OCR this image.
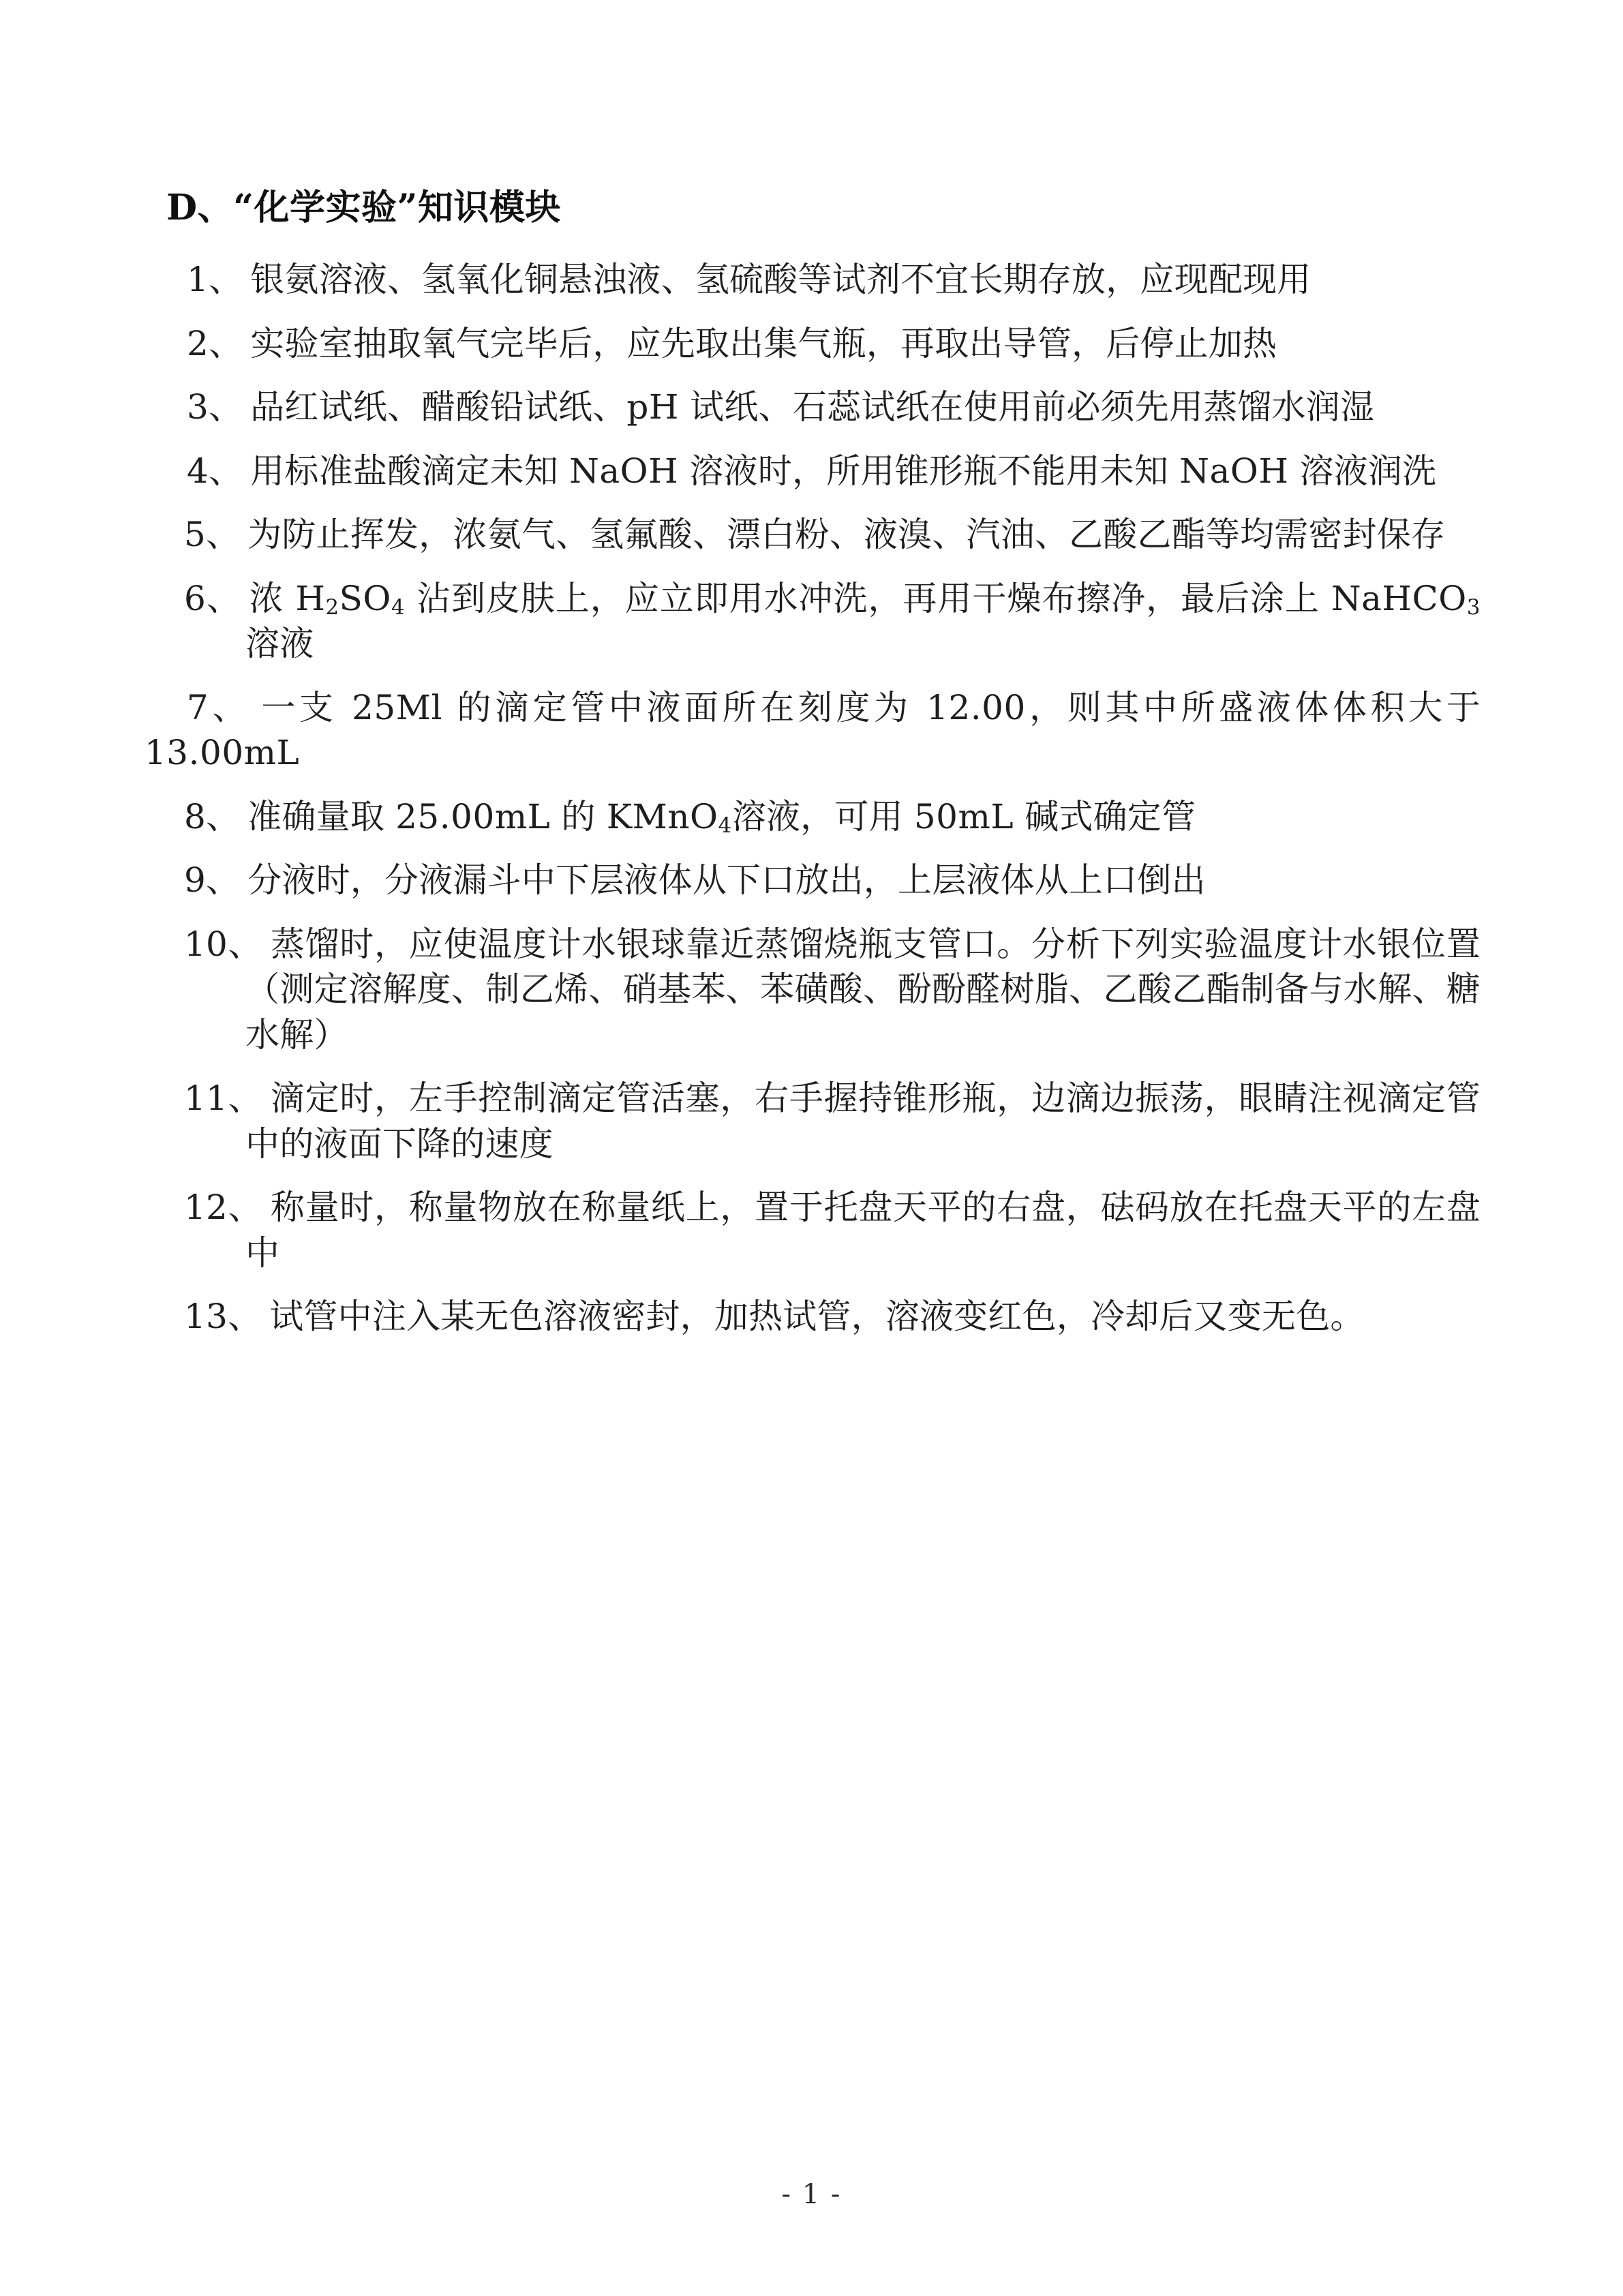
D、“化学实验”知识模块

1、 银氨溶液、氢氧化铜悬浊液、氢硫酸等试剂不宜长期存放，应现配现用

2、 实验室抽取氧气完毕后，应先取出集气瓶，再取出导管，后停止加热

3、 品红试纸、醋酸铅试纸、pH 试纸、石蕊试纸在使用前必须先用蒸馏水润湿

4、 用标准盐酸滴定未知 NaOH 溶液时，所用锥形瓶不能用未知 NaOH 溶液润洗

5、 为防止挥发，浓氨气、氢氟酸、漂白粉、液溴、汽油、乙酸乙酯等均需密封保存

6、 浓 $H_2SO_4$ 沾到皮肤上，应立即用水冲洗，再用干燥布擦净，最后涂上 NaHCO$_3$ 溶液

7、 一支 25Ml 的滴定管中液面所在刻度为 12.00，则其中所盛液体体积大于13.00mL

8、 准确量取 25.00mL 的 KMnO$_4$溶液，可用 50mL 碱式确定管

9、 分液时，分液漏斗中下层液体从下口放出，上层液体从上口倒出

10、 蒸馏时，应使温度计水银球靠近蒸馏烧瓶支管口。分析下列实验温度计水银位置（测定溶解度、制乙烯、硝基苯、苯磺酸、酚酚醛树脂、乙酸乙酯制备与水解、糖水解）

11、 滴定时，左手控制滴定管活塞，右手握持锥形瓶，边滴边振荡，眼睛注视滴定管中的液面下降的速度

12、 称量时，称量物放在称量纸上，置于托盘天平的右盘，砝码放在托盘天平的左盘中

13、 试管中注入某无色溶液密封，加热试管，溶液变红色，冷却后又变无色。

- 1 -
